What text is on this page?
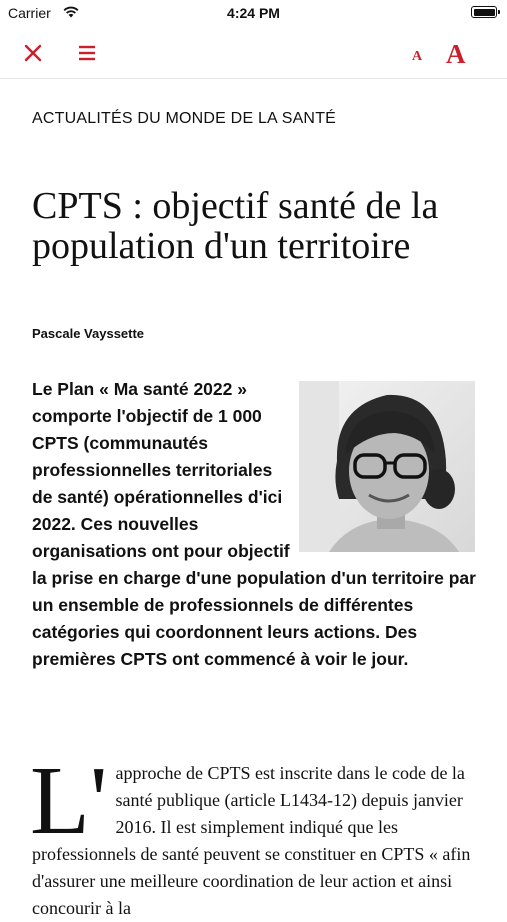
Carrier	4:24 PM
A A
ACTUALITÉS DU MONDE DE LA SANTÉ
CPTS : objectif santé de la population d'un territoire
Pascale Vayssette

Le Plan « Ma santé 2022 » comporte l'objectif de 1 000 CPTS (communautés professionnelles territoriales de santé) opérationnelles d'ici 2022. Ces nouvelles organisations ont pour objectif la prise en charge d'une population d'un territoire par un ensemble de professionnels de différentes catégories qui coordonnent leurs actions. Des premières CPTS ont commencé à voir le jour.

L' approche de CPTS est inscrite dans le code de la santé publique (article L1434-12) depuis janvier 2016. Il est simplement indiqué que les professionnels de santé peuvent se constituer en CPTS « afin d'assurer une meilleure coordination de leur action et ainsi concourir à la
